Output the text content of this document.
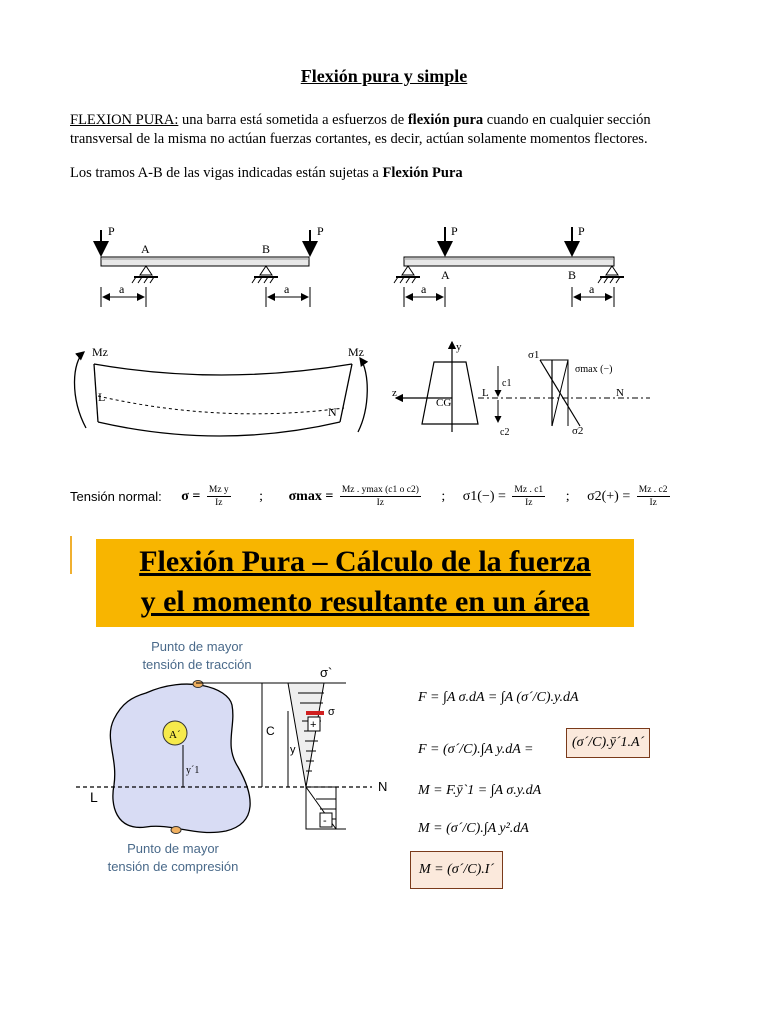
Flexión pura y simple
FLEXION PURA: una barra está sometida a esfuerzos de flexión pura cuando en cualquier sección transversal de la misma no actúan fuerzas cortantes, es decir, actúan solamente momentos flectores.
Los tramos A-B de las vigas indicadas están sujetas a Flexión Pura
P	P
A	B
a	a
P	P
A	B
a	a
Mz	Mz
L
N
y
z
CG
L	N
c1
c2
σ1
σmax (−)
σ2
Tensión normal: $\sigma = \frac{\text{Mz y}}{Iz}$ ; $\sigma\max = \frac{\text{Mz . ymax (c1 o c2)}}{Iz}$ ; $\sigma 1(-) = \frac{Mz . c1}{Iz}$ ; $\sigma 2(+) = \frac{Mz . c2}{Iz}$
Flexión Pura – Cálculo de la fuerza
y el momento resultante en un área
Punto de mayor
tensión de tracción
A´
y´1
L
N
C
y
+
-
σ`
σ
Punto de mayor
tensión de compresión
F = ∫A σ.dA = ∫A (σ´/C).y.dA
F = (σ´/C).∫A y.dA =	(σ´/C).ȳ´1.A´
M = F.ȳ`1 = ∫A σ.y.dA
M = (σ´/C).∫A y².dA
M = (σ´/C).I´
